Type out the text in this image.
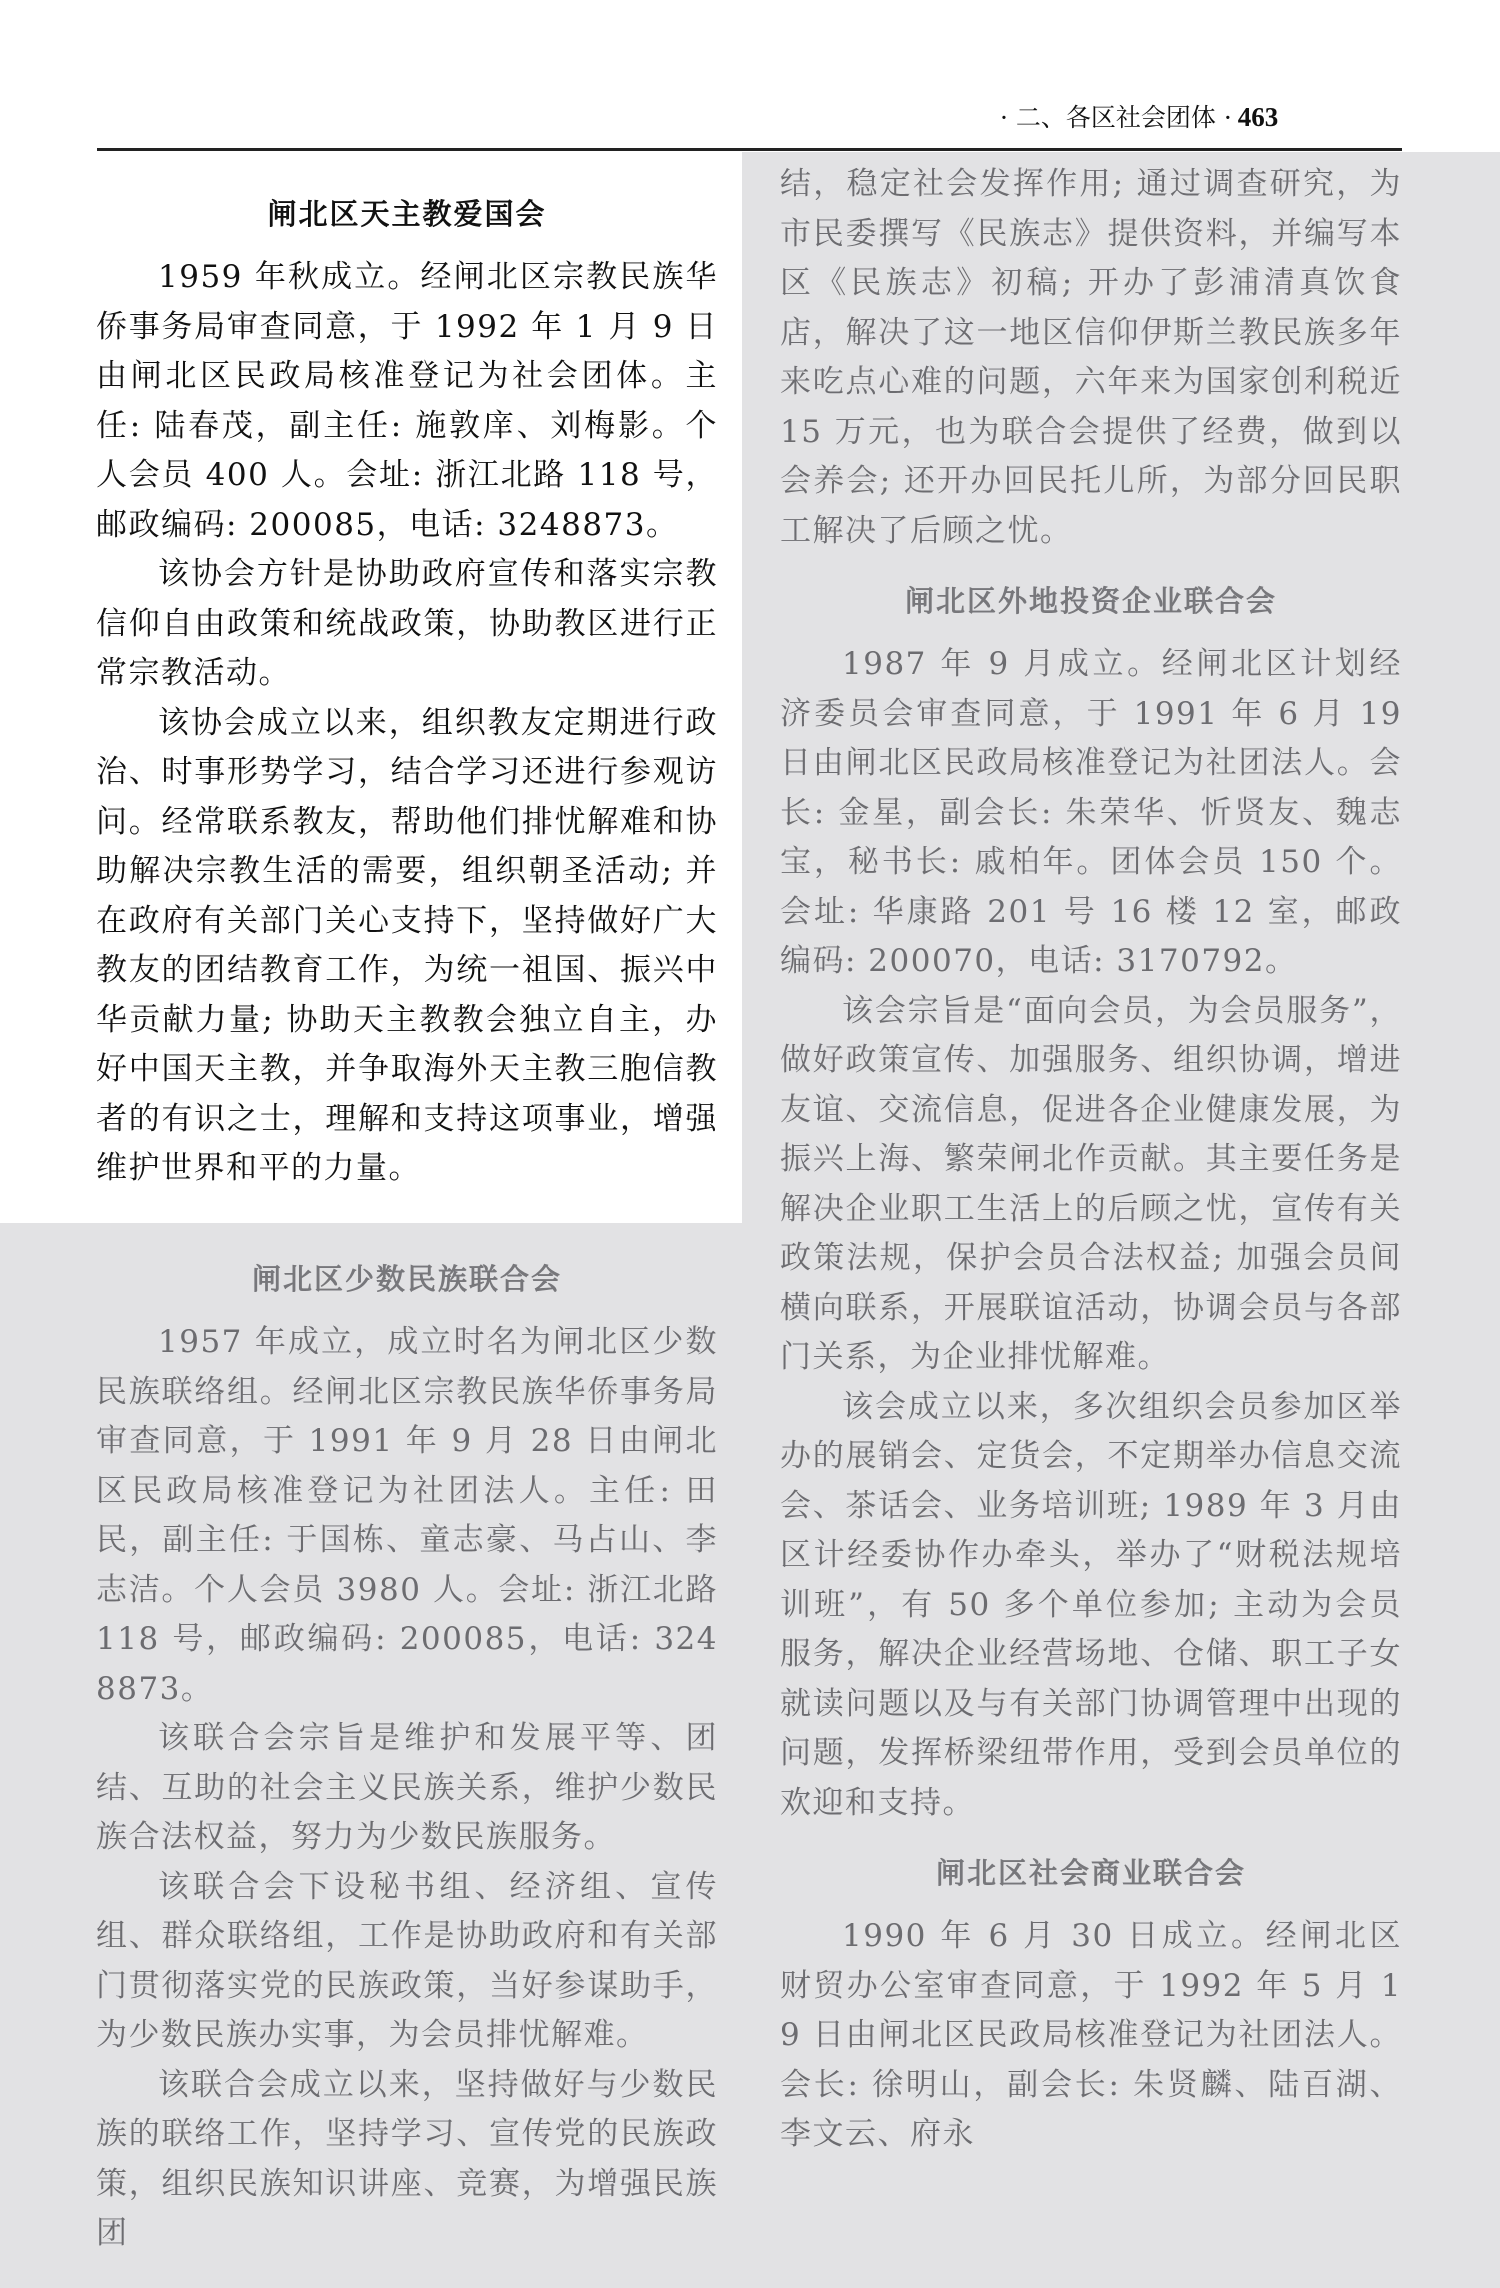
· 二、各区社会团体 · 463
闸北区天主教爱国会

1959 年秋成立。经闸北区宗教民族华侨事务局审查同意，于 1992 年 1 月 9 日由闸北区民政局核准登记为社会团体。主任: 陆春茂，副主任: 施敦庠、刘梅影。个人会员 400 人。会址: 浙江北路 118 号，邮政编码: 200085，电话: 3248873。

该协会方针是协助政府宣传和落实宗教信仰自由政策和统战政策，协助教区进行正常宗教活动。

该协会成立以来，组织教友定期进行政治、时事形势学习，结合学习还进行参观访问。经常联系教友，帮助他们排忧解难和协助解决宗教生活的需要，组织朝圣活动; 并在政府有关部门关心支持下，坚持做好广大教友的团结教育工作，为统一祖国、振兴中华贡献力量; 协助天主教教会独立自主，办好中国天主教，并争取海外天主教三胞信教者的有识之士，理解和支持这项事业，增强维护世界和平的力量。

闸北区少数民族联合会

1957 年成立，成立时名为闸北区少数民族联络组。经闸北区宗教民族华侨事务局审查同意，于 1991 年 9 月 28 日由闸北区民政局核准登记为社团法人。主任: 田民，副主任: 于国栋、童志豪、马占山、李志洁。个人会员 3980 人。会址: 浙江北路 118 号，邮政编码: 200085，电话: 3248873。

该联合会宗旨是维护和发展平等、团结、互助的社会主义民族关系，维护少数民族合法权益，努力为少数民族服务。

该联合会下设秘书组、经济组、宣传组、群众联络组，工作是协助政府和有关部门贯彻落实党的民族政策，当好参谋助手，为少数民族办实事，为会员排忧解难。

该联合会成立以来，坚持做好与少数民族的联络工作，坚持学习、宣传党的民族政策，组织民族知识讲座、竞赛，为增强民族团

结，稳定社会发挥作用; 通过调查研究，为市民委撰写《民族志》提供资料，并编写本区《民族志》初稿; 开办了彭浦清真饮食店，解决了这一地区信仰伊斯兰教民族多年来吃点心难的问题，六年来为国家创利税近 15 万元，也为联合会提供了经费，做到以会养会; 还开办回民托儿所，为部分回民职工解决了后顾之忧。

闸北区外地投资企业联合会

1987 年 9 月成立。经闸北区计划经济委员会审查同意，于 1991 年 6 月 19 日由闸北区民政局核准登记为社团法人。会长: 金星，副会长: 朱荣华、忻贤友、魏志宝，秘书长: 戚柏年。团体会员 150 个。会址: 华康路 201 号 16 楼 12 室，邮政编码: 200070，电话: 3170792。

该会宗旨是“面向会员，为会员服务”，做好政策宣传、加强服务、组织协调，增进友谊、交流信息，促进各企业健康发展，为振兴上海、繁荣闸北作贡献。其主要任务是解决企业职工生活上的后顾之忧，宣传有关政策法规，保护会员合法权益; 加强会员间横向联系，开展联谊活动，协调会员与各部门关系，为企业排忧解难。

该会成立以来，多次组织会员参加区举办的展销会、定货会，不定期举办信息交流会、茶话会、业务培训班; 1989 年 3 月由区计经委协作办牵头，举办了“财税法规培训班”，有 50 多个单位参加; 主动为会员服务，解决企业经营场地、仓储、职工子女就读问题以及与有关部门协调管理中出现的问题，发挥桥梁纽带作用，受到会员单位的欢迎和支持。

闸北区社会商业联合会

1990 年 6 月 30 日成立。经闸北区财贸办公室审查同意，于 1992 年 5 月 19 日由闸北区民政局核准登记为社团法人。会长: 徐明山，副会长: 朱贤麟、陆百湖、李文云、府永
